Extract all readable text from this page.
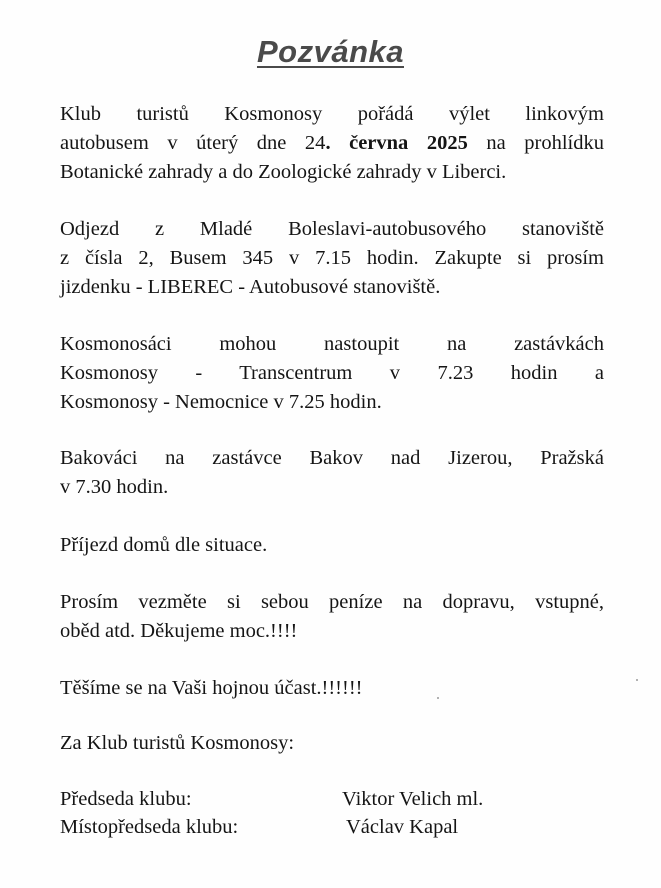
Pozvánka
Klub turistů Kosmonosy pořádá výlet linkovým
autobusem v úterý dne 24. června 2025 na prohlídku
Botanické zahrady a do Zoologické zahrady v Liberci.
Odjezd z Mladé Boleslavi-autobusového stanoviště
z čísla 2, Busem 345 v 7.15 hodin. Zakupte si prosím
jizdenku - LIBEREC - Autobusové stanoviště.
Kosmonosáci mohou nastoupit na zastávkách
Kosmonosy - Transcentrum v 7.23 hodin a
Kosmonosy - Nemocnice v 7.25 hodin.
Bakováci na zastávce Bakov nad Jizerou, Pražská
v 7.30 hodin.
Příjezd domů dle situace.
Prosím vezměte si sebou peníze na dopravu, vstupné,
oběd atd. Děkujeme moc.!!!!
Těšíme se na Vaši hojnou účast.!!!!!!
Za Klub turistů Kosmonosy:
Předseda klubu:	Viktor Velich ml.
Místopředseda klubu:	Václav Kapal
